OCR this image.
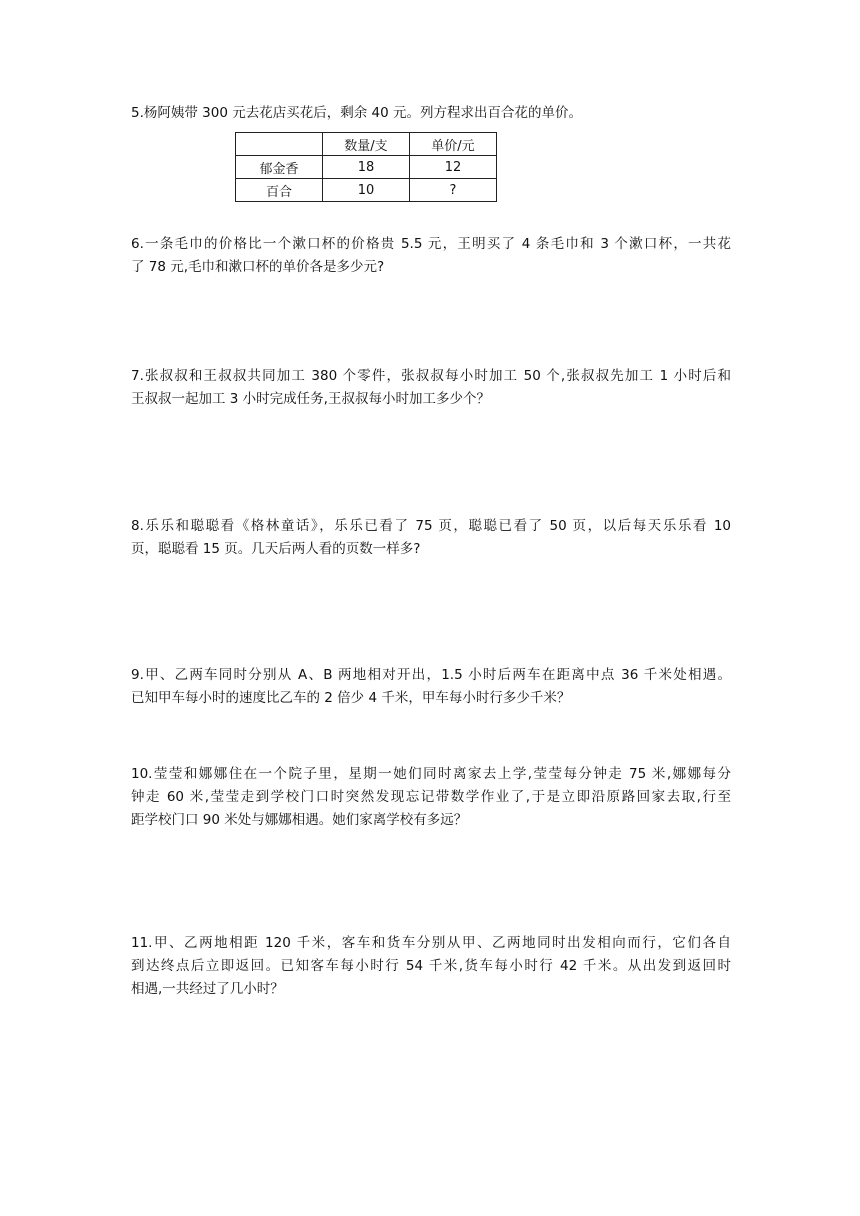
5.杨阿姨带 300 元去花店买花后，剩余 40 元。列方程求出百合花的单价。
	数量/支	单价/元
郁金香	18	12
百合	10	?
6.一条毛巾的价格比一个漱口杯的价格贵 5.5 元，王明买了 4 条毛巾和 3 个漱口杯，一共花
了 78 元,毛巾和漱口杯的单价各是多少元?
7.张叔叔和王叔叔共同加工 380 个零件，张叔叔每小时加工 50 个,张叔叔先加工 1 小时后和
王叔叔一起加工 3 小时完成任务,王叔叔每小时加工多少个？
8.乐乐和聪聪看《格林童话》，乐乐已看了 75 页，聪聪已看了 50 页，以后每天乐乐看 10
页，聪聪看 15 页。几天后两人看的页数一样多?
9.甲、乙两车同时分别从 A、B 两地相对开出，1.5 小时后两车在距离中点 36 千米处相遇。
已知甲车每小时的速度比乙车的 2 倍少 4 千米，甲车每小时行多少千米？
10.莹莹和娜娜住在一个院子里，星期一她们同时离家去上学,莹莹每分钟走 75 米,娜娜每分
钟走 60 米,莹莹走到学校门口时突然发现忘记带数学作业了,于是立即沿原路回家去取,行至
距学校门口 90 米处与娜娜相遇。她们家离学校有多远？
11.甲、乙两地相距 120 千米，客车和货车分别从甲、乙两地同时出发相向而行，它们各自
到达终点后立即返回。已知客车每小时行 54 千米,货车每小时行 42 千米。从出发到返回时
相遇,一共经过了几小时？
